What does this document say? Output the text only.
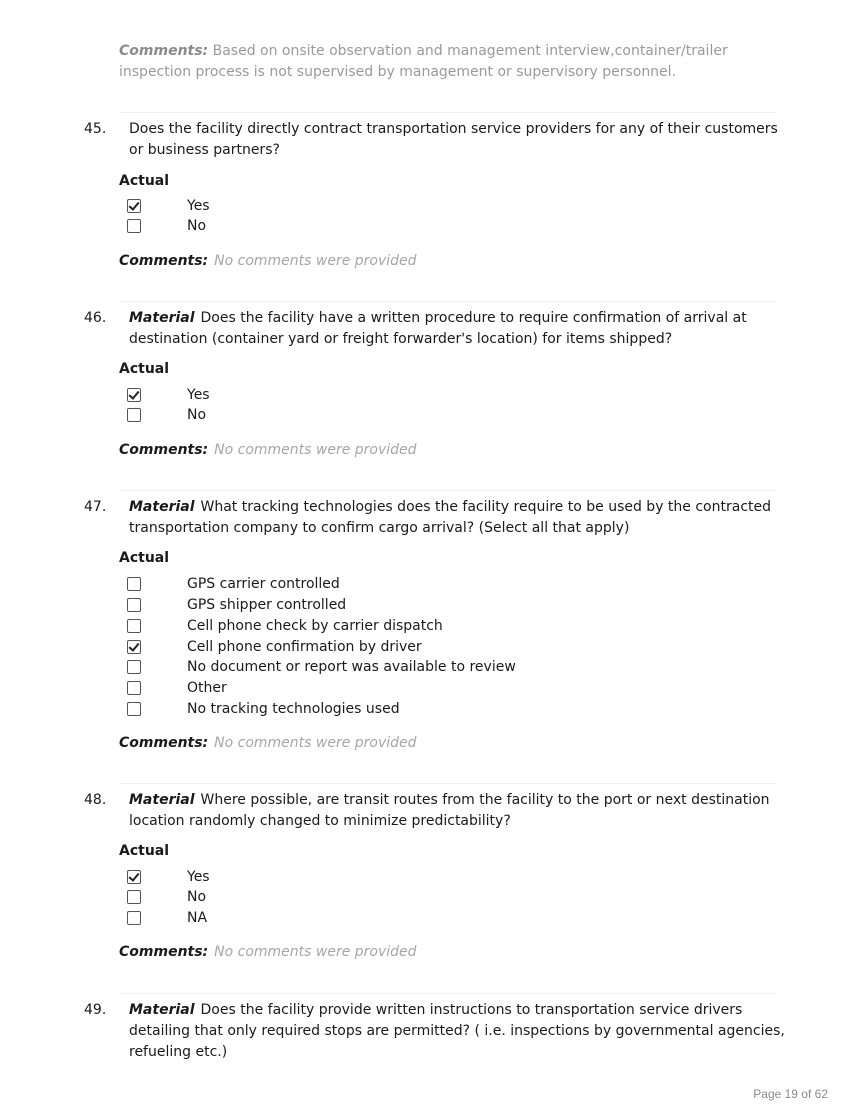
Comments: Based on onsite observation and management interview,container/trailer inspection process is not supervised by management or supervisory personnel.
45. Does the facility directly contract transportation service providers for any of their customers or business partners?
Actual
Yes
No
Comments: No comments were provided
46. Material Does the facility have a written procedure to require confirmation of arrival at destination (container yard or freight forwarder's location) for items shipped?
Actual
Yes
No
Comments: No comments were provided
47. Material What tracking technologies does the facility require to be used by the contracted transportation company to confirm cargo arrival? (Select all that apply)
Actual
GPS carrier controlled
GPS shipper controlled
Cell phone check by carrier dispatch
Cell phone confirmation by driver
No document or report was available to review
Other
No tracking technologies used
Comments: No comments were provided
48. Material Where possible, are transit routes from the facility to the port or next destination location randomly changed to minimize predictability?
Actual
Yes
No
NA
Comments: No comments were provided
49. Material Does the facility provide written instructions to transportation service drivers detailing that only required stops are permitted? ( i.e. inspections by governmental agencies, refueling etc.)
Page 19 of 62
